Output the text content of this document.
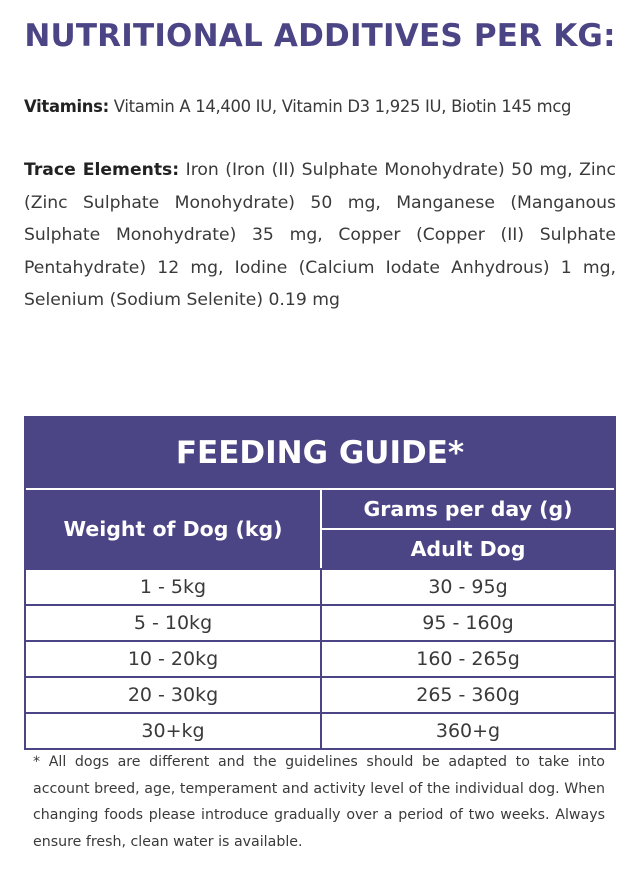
NUTRITIONAL ADDITIVES PER KG:
Vitamins: Vitamin A 14,400 IU, Vitamin D3 1,925 IU, Biotin 145 mcg
Trace Elements: Iron (Iron (II) Sulphate Monohydrate) 50 mg, Zinc (Zinc Sulphate Monohydrate) 50 mg, Manganese (Manganous Sulphate Monohydrate) 35 mg, Copper (Copper (II) Sulphate Pentahydrate) 12 mg, Iodine (Calcium Iodate Anhydrous) 1 mg, Selenium (Sodium Selenite) 0.19 mg
FEEDING GUIDE*
Weight of Dog (kg)
Grams per day (g)
Adult Dog
1 - 5kg	30 - 95g
5 - 10kg	95 - 160g
10 - 20kg	160 - 265g
20 - 30kg	265 - 360g
30+kg	360+g
* All dogs are different and the guidelines should be adapted to take into account breed, age, temperament and activity level of the individual dog. When changing foods please introduce gradually over a period of two weeks. Always ensure fresh, clean water is available.
